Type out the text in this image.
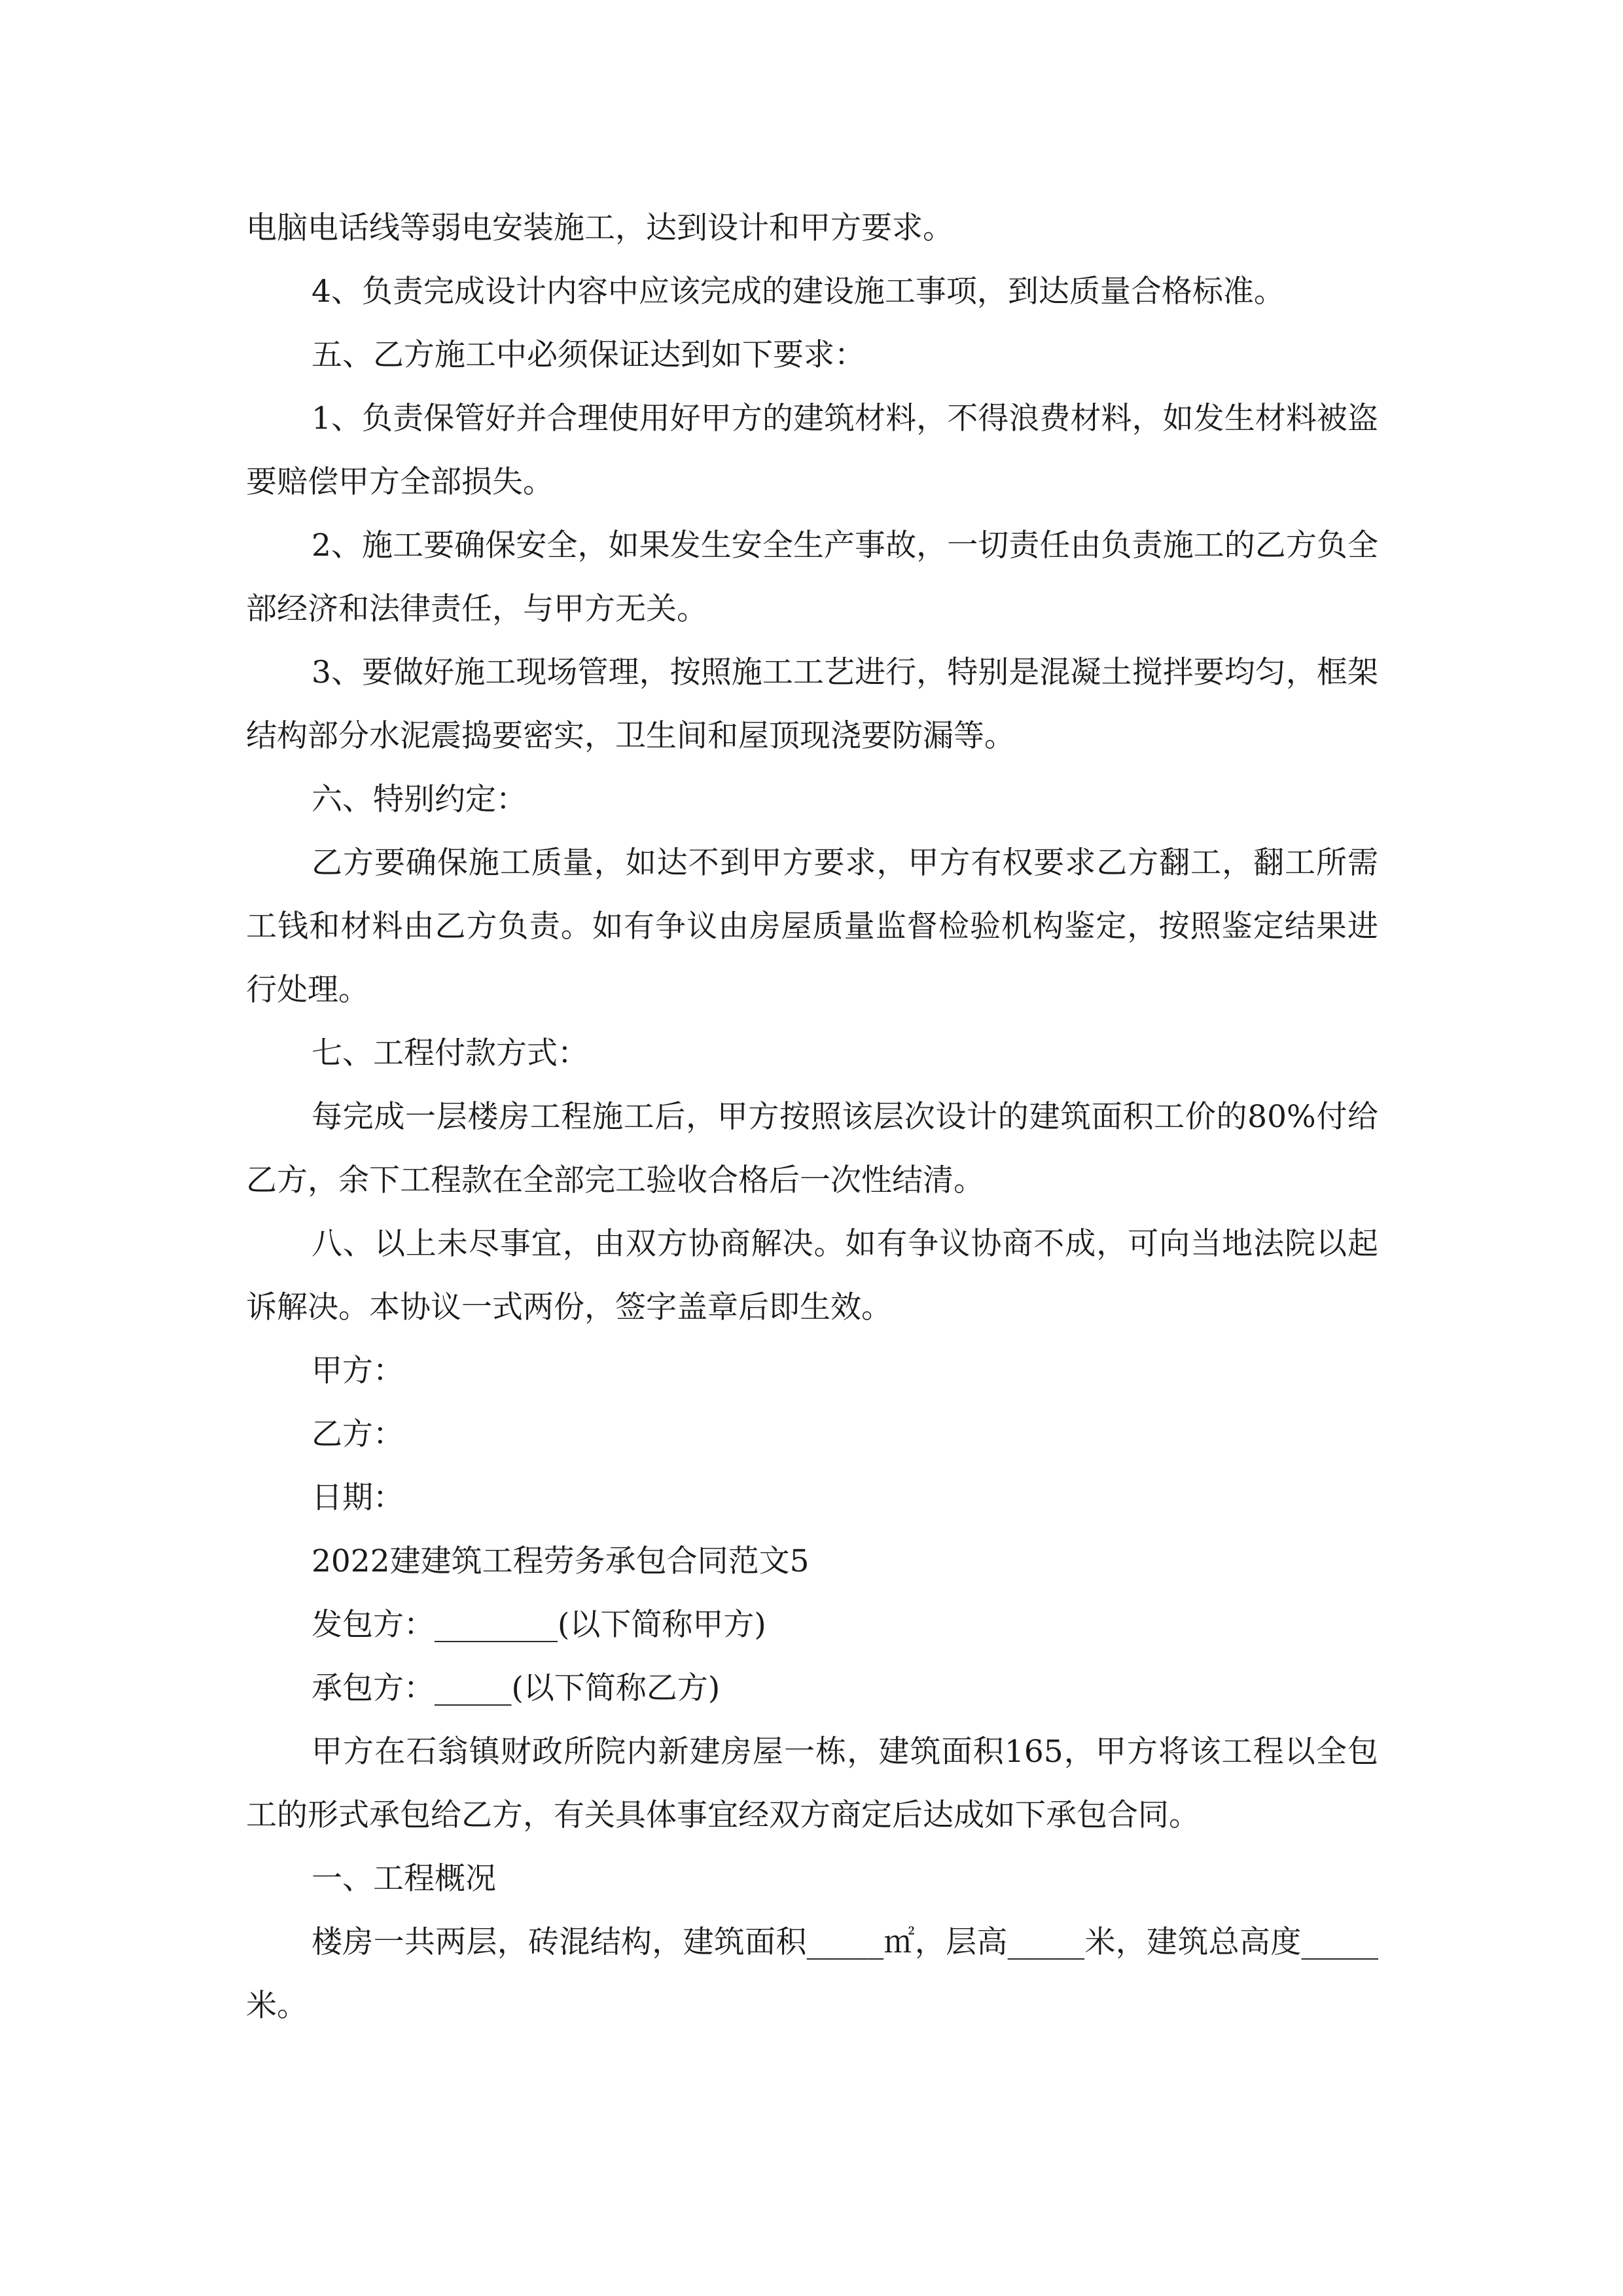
电脑电话线等弱电安装施工，达到设计和甲方要求。

4、负责完成设计内容中应该完成的建设施工事项，到达质量合格标准。

五、乙方施工中必须保证达到如下要求：

1、负责保管好并合理使用好甲方的建筑材料，不得浪费材料，如发生材料被盗要赔偿甲方全部损失。

2、施工要确保安全，如果发生安全生产事故，一切责任由负责施工的乙方负全部经济和法律责任，与甲方无关。

3、要做好施工现场管理，按照施工工艺进行，特别是混凝土搅拌要均匀，框架结构部分水泥震捣要密实，卫生间和屋顶现浇要防漏等。

六、特别约定：

乙方要确保施工质量，如达不到甲方要求，甲方有权要求乙方翻工，翻工所需工钱和材料由乙方负责。如有争议由房屋质量监督检验机构鉴定，按照鉴定结果进行处理。

七、工程付款方式：

每完成一层楼房工程施工后，甲方按照该层次设计的建筑面积工价的80%付给乙方，余下工程款在全部完工验收合格后一次性结清。

八、以上未尽事宜，由双方协商解决。如有争议协商不成，可向当地法院以起诉解决。本协议一式两份，签字盖章后即生效。

甲方：

乙方：

日期：

2022建建筑工程劳务承包合同范文5

发包方：________(以下简称甲方)

承包方：_____(以下简称乙方)

甲方在石翁镇财政所院内新建房屋一栋，建筑面积165，甲方将该工程以全包工的形式承包给乙方，有关具体事宜经双方商定后达成如下承包合同。

一、工程概况

楼房一共两层，砖混结构，建筑面积_____㎡，层高_____米，建筑总高度_____米。
